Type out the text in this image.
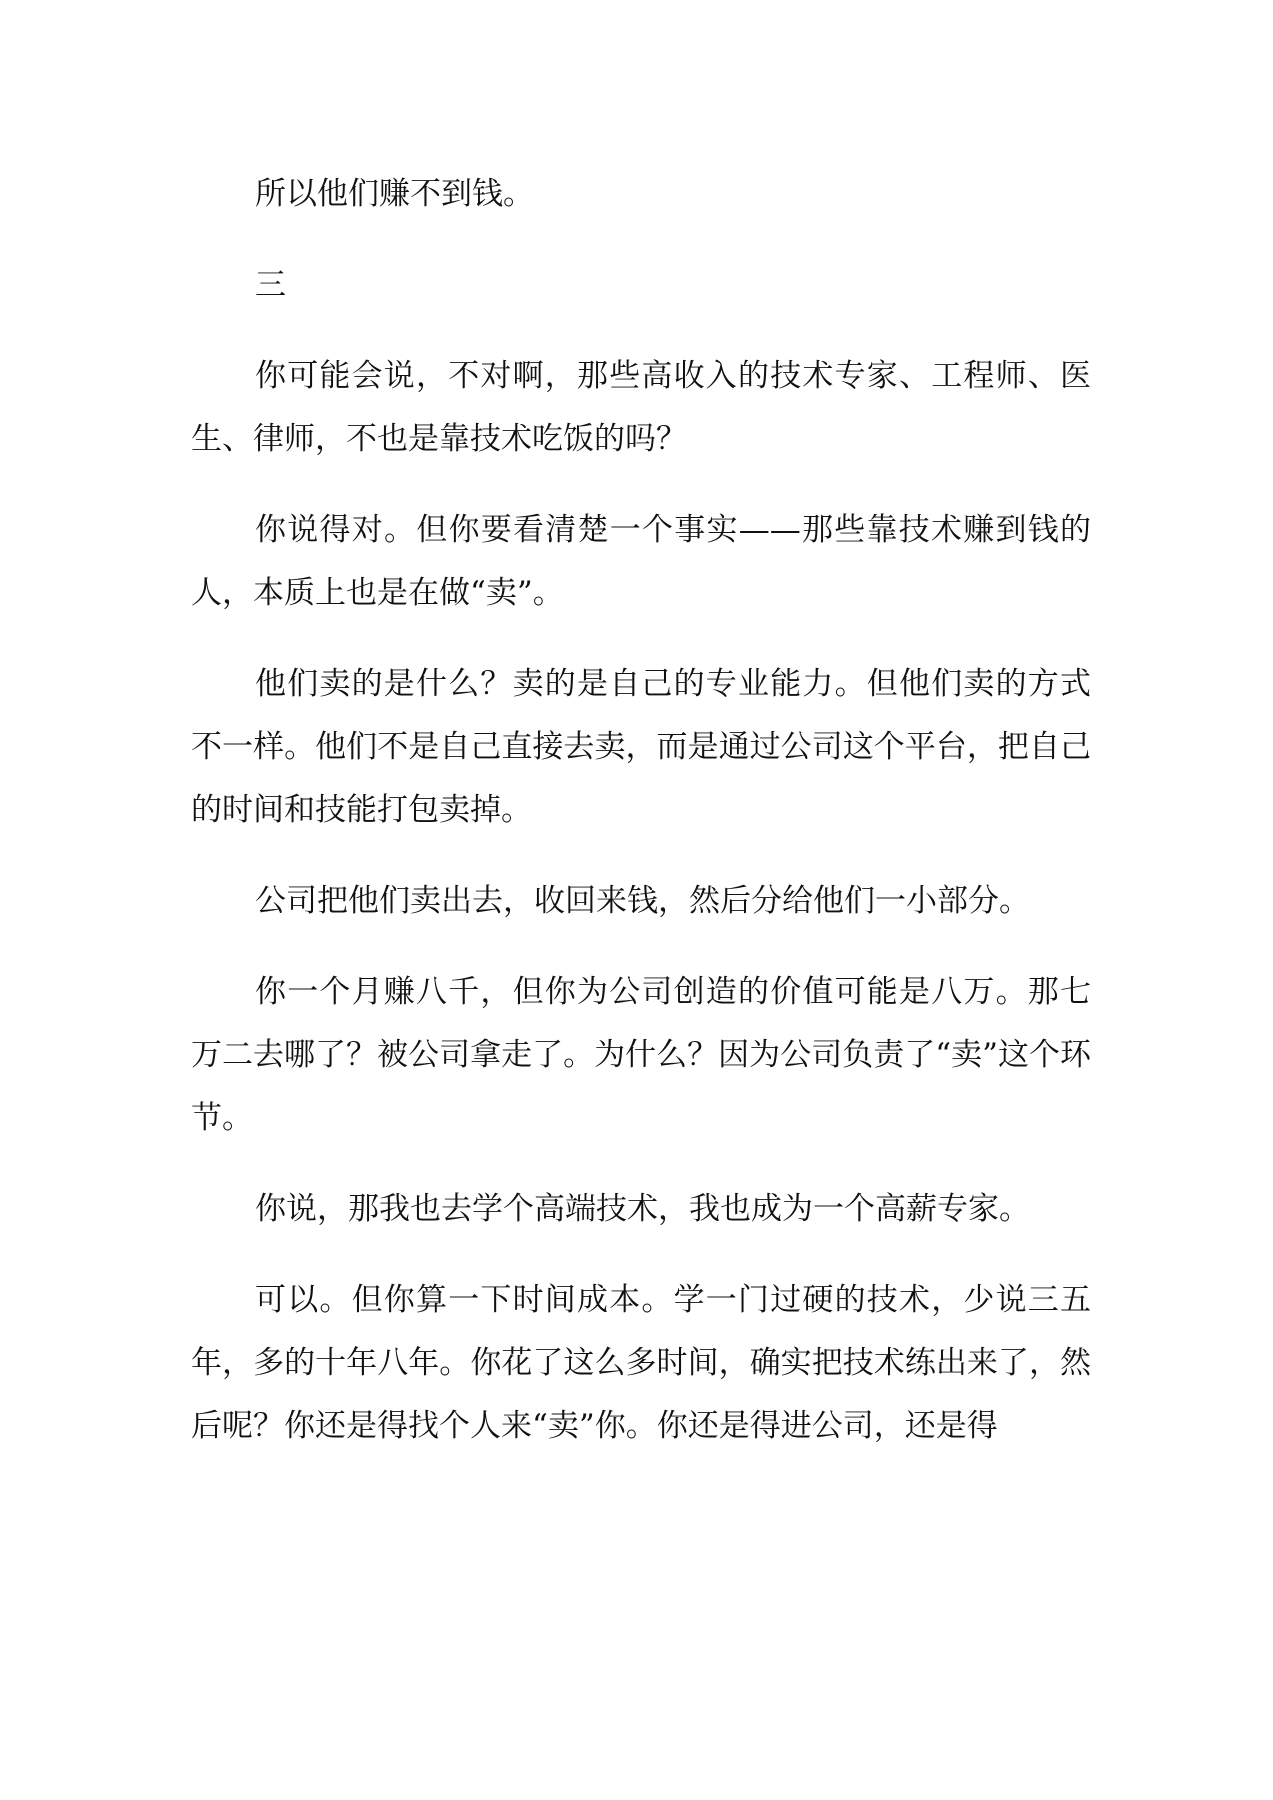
所以他们赚不到钱。

三

你可能会说，不对啊，那些高收入的技术专家、工程师、医生、律师，不也是靠技术吃饭的吗？

你说得对。但你要看清楚一个事实——那些靠技术赚到钱的人，本质上也是在做“卖”。

他们卖的是什么？卖的是自己的专业能力。但他们卖的方式不一样。他们不是自己直接去卖，而是通过公司这个平台，把自己的时间和技能打包卖掉。

公司把他们卖出去，收回来钱，然后分给他们一小部分。

你一个月赚八千，但你为公司创造的价值可能是八万。那七万二去哪了？被公司拿走了。为什么？因为公司负责了“卖”这个环节。

你说，那我也去学个高端技术，我也成为一个高薪专家。

可以。但你算一下时间成本。学一门过硬的技术，少说三五年，多的十年八年。你花了这么多时间，确实把技术练出来了，然后呢？你还是得找个人来“卖”你。你还是得进公司，还是得
